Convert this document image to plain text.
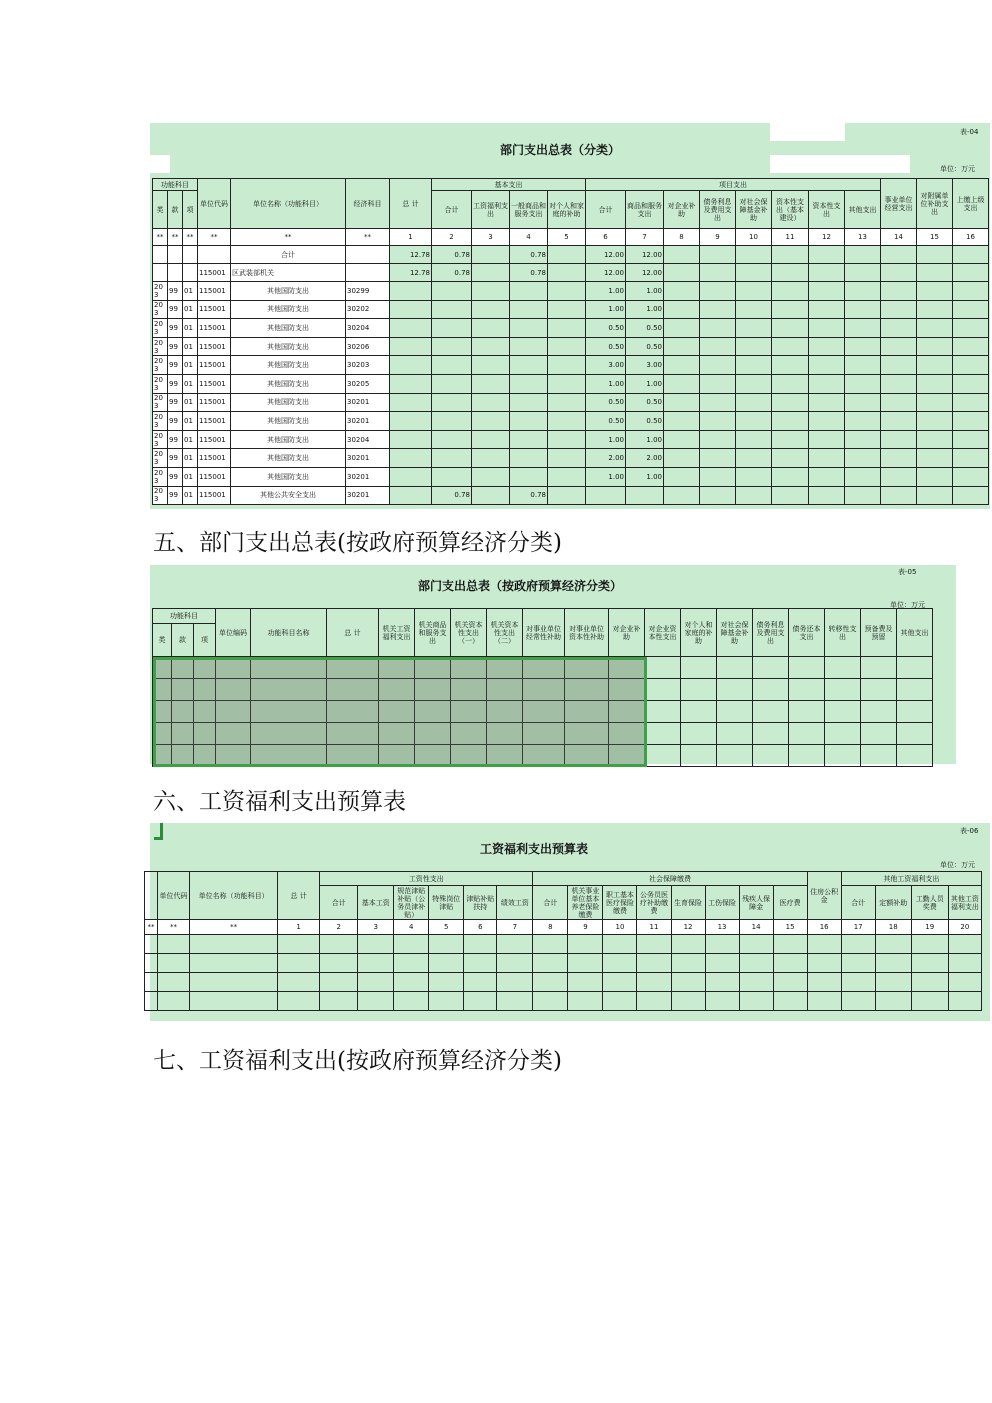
部门支出总表（分类）
表-04
单位：万元
功能科目			单位代码	单位名称（功能科目）	经济科目	总 计	基本支出				项目支出								事业单位经营支出	对附属单位补助支出	上缴上级支出
类	款	项					合计	工资福利支出	一般商品和服务支出	对个人和家庭的补助	合计	商品和服务支出	对企业补助	债务利息及费用支出	对社会保障基金补助	资本性支出（基本建设）	资本性支出	其他支出			
**	**	**	**	**	**	1	2	3	4	5	6	7	8	9	10	11	12	13	14	15	16
				合计		12.78	0.78		0.78		12.00	12.00									
			115001	区武装部机关		12.78	0.78		0.78		12.00	12.00									
203	99	01	115001	其他国防支出	30299						1.00	1.00									
203	99	01	115001	其他国防支出	30202						1.00	1.00									
203	99	01	115001	其他国防支出	30204						0.50	0.50									
203	99	01	115001	其他国防支出	30206						0.50	0.50									
203	99	01	115001	其他国防支出	30203						3.00	3.00									
203	99	01	115001	其他国防支出	30205						1.00	1.00									
203	99	01	115001	其他国防支出	30201						0.50	0.50									
203	99	01	115001	其他国防支出	30201						0.50	0.50									
203	99	01	115001	其他国防支出	30204						1.00	1.00									
203	99	01	115001	其他国防支出	30201						2.00	2.00									
203	99	01	115001	其他国防支出	30201						1.00	1.00									
203	99	01	115001	其他公共安全支出	30201		0.78		0.78												
五、部门支出总表(按政府预算经济分类)
部门支出总表（按政府预算经济分类）
表-05
单位：万元
功能科目			单位编码	功能科目名称	总 计	机关工资福利支出	机关商品和服务支出	机关资本性支出（一）	机关资本性支出（二）	对事业单位经常性补助	对事业单位资本性补助	对企业补助	对企业资本性支出	对个人和家庭的补助	对社会保障基金补助	债务利息及费用支出	债务还本支出	转移性支出	预备费及预留	其他支出
类	款	项																		

六、工资福利支出预算表
工资福利支出预算表
表-06
单位：万元
	单位代码	单位名称（功能科目）	总 计	工资性支出						社会保障缴费								住房公积金	其他工资福利支出			
				合计	基本工资	规范津贴补贴（公务员津补贴）	特殊岗位津贴	津贴补贴扶持	绩效工资	合计	机关事业单位基本养老保险缴费	职工基本医疗保险缴费	公务员医疗补助缴费	生育保险	工伤保险	残疾人保障金	医疗费		合计	定额补助	工勤人员奖费	其他工资福利支出
**	**	**	1	2	3	4	5	6	7	8	9	10	11	12	13	14	15	16	17	18	19	20

七、工资福利支出(按政府预算经济分类)
